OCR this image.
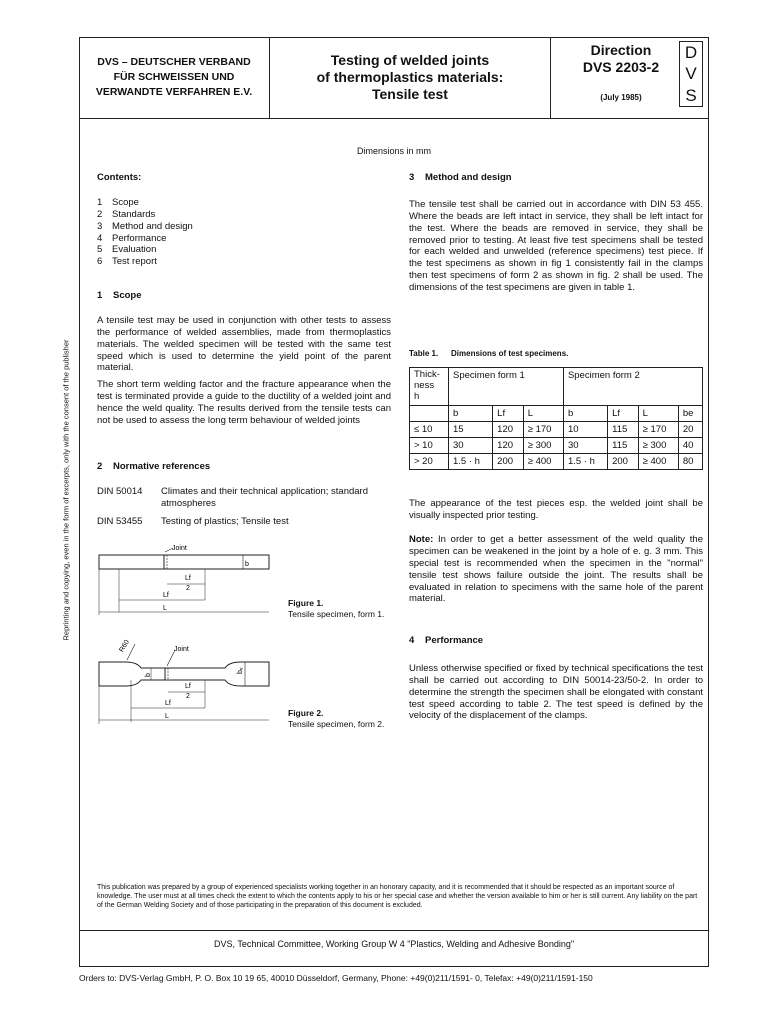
DVS – DEUTSCHER VERBAND
FÜR SCHWEISSEN UND
VERWANDTE VERFAHREN E.V.
Testing of welded joints
of thermoplastics materials:
Tensile test
Direction
DVS 2203-2
(July 1985)
D
V
S
Reprinting and copying, even in the form of excerpts, only with the consent of the publisher
Dimensions in mm
Contents:
1	Scope
2	Standards
3	Method and design
4	Performance
5	Evaluation
6	Test report
1 Scope

A tensile test may be used in conjunction with other tests to assess the performance of welded assemblies, made from thermoplastics materials. The welded specimen will be tested with the same test speed which is used to determine the yield point of the parent material.

The short term welding factor and the fracture appearance when the test is terminated provide a guide to the ductility of a welded joint and hence the weld quality. The results derived from the tensile tests can not be used to assess the long term behaviour of welded joints

2 Normative references
DIN 50014	Climates and their technical application; standard atmospheres
DIN 53455	Testing of plastics; Tensile test
Joint
b
Lf
2
Lf
L
Figure 1.
Tensile specimen, form 1.
Joint
R60
b
bₑ
Lf
2
Lf
L	Figure 2.
Tensile specimen, form 2.
3 Method and design

The tensile test shall be carried out in accordance with DIN 53 455. Where the beads are left intact in service, they shall be left intact for the test. Where the beads are removed in service, they shall be removed prior to testing. At least five test specimens shall be tested for each welded and unwelded (reference specimens) test piece. If the test specimens as shown in fig 1 consistently fail in the clamps then test specimens of form 2 as shown in fig. 2 shall be used. The dimensions of the test specimens are given in table 1.

Table 1. Dimensions of test specimens.
Thick-
ness
h	Specimen form 1			Specimen form 2			
	b	Lf	L	b	Lf	L	be
≤ 10	15	120	≥ 170	10	115	≥ 170	20
> 10	30	120	≥ 300	30	115	≥ 300	40
> 20	1.5 · h	200	≥ 400	1.5 · h	200	≥ 400	80

The appearance of the test pieces esp. the welded joint shall be visually inspected prior testing.

Note: In order to get a better assessment of the weld quality the specimen can be weakened in the joint by a hole of e. g. 3 mm. This special test is recommended when the specimen in the "normal" tensile test shows failure outside the joint. The results shall be evaluated in relation to specimens with the same hole of the parent material.

4 Performance

Unless otherwise specified or fixed by technical specifications the test shall be carried out according to DIN 50014-23/50-2. In order to determine the strength the specimen shall be elongated with constant test speed according to table 2. The test speed is defined by the velocity of the displacement of the clamps.

This publication was prepared by a group of experienced specialists working together in an honorary capacity, and it is recommended that it should be respected as an important source of knowledge. The user must at all times check the extent to which the contents apply to his or her special case and whether the version available to him or her is still current. Any liability on the part of the German Welding Society and of those participating in the preparation of this document is excluded.
DVS, Technical Committee, Working Group W 4 "Plastics, Welding and Adhesive Bonding"
Orders to: DVS-Verlag GmbH, P. O. Box 10 19 65, 40010 Düsseldorf, Germany, Phone: +49(0)211/1591- 0, Telefax: +49(0)211/1591-150
